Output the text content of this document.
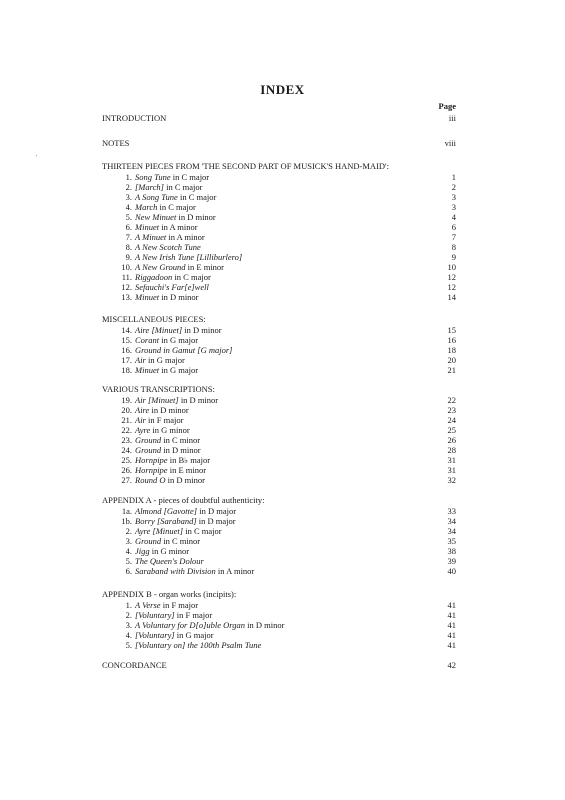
INDEX
Page
INTRODUCTION	iii
NOTES	viii
THIRTEEN PIECES FROM 'THE SECOND PART OF MUSICK'S HAND-MAID':
1. Song Tune in C major	1
2. [March] in C major	2
3. A Song Tune in C major	3
4. March in C major	3
5. New Minuet in D minor	4
6. Minuet in A minor	6
7. A Minuet in A minor	7
8. A New Scotch Tune	8
9. A New Irish Tune [Lilliburlero]	9
10. A New Ground in E minor	10
11. Riggadoon in C major	12
12. Sefauchi's Far[e]well	12
13. Minuet in D minor	14
MISCELLANEOUS PIECES:
14. Aire [Minuet] in D minor	15
15. Corant in G major	16
16. Ground in Gamut [G major]	18
17. Air in G major	20
18. Minuet in G major	21
VARIOUS TRANSCRIPTIONS:
19. Air [Minuet] in D minor	22
20. Aire in D minor	23
21. Air in F major	24
22. Ayre in G minor	25
23. Ground in C minor	26
24. Ground in D minor	28
25. Hornpipe in B♭ major	31
26. Hornpipe in E minor	31
27. Round O in D minor	32
APPENDIX A - pieces of doubtful authenticity:
1a. Almond [Gavotte] in D major	33
1b. Borry [Saraband] in D major	34
2. Ayre [Minuet] in C major	34
3. Ground in C minor	35
4. Jigg in G minor	38
5. The Queen's Dolour	39
6. Saraband with Division in A minor	40
APPENDIX B - organ works (incipits):
1. A Verse in F major	41
2. [Voluntary] in F major	41
3. A Voluntary for D[o]uble Organ in D minor	41
4. [Voluntary] in G major	41
5. [Voluntary on] the 100th Psalm Tune	41
CONCORDANCE	42
